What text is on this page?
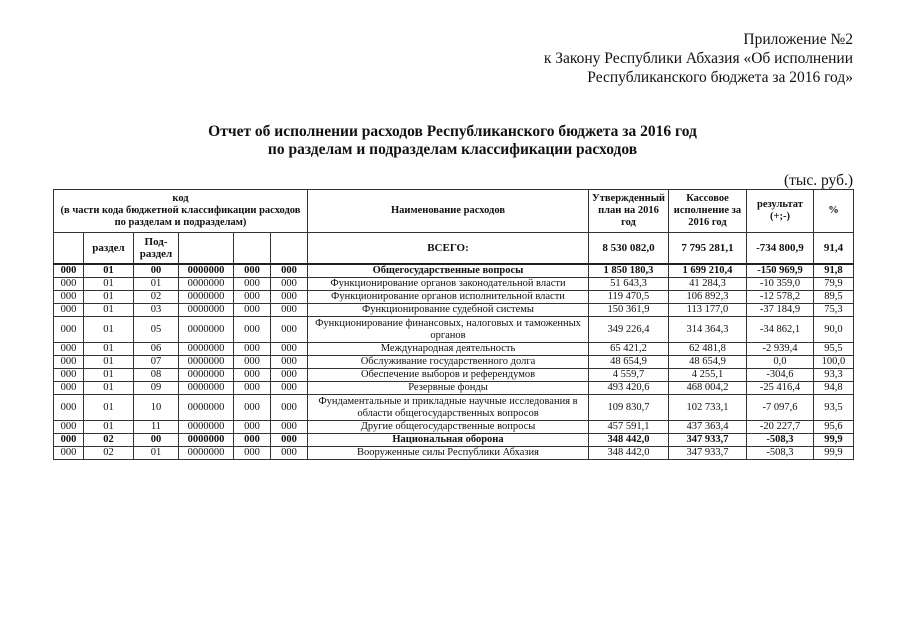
Приложение №2
к Закону Республики Абхазия «Об исполнении
Республиканского бюджета за 2016 год»
Отчет об исполнении расходов Республиканского бюджета за 2016 год
по разделам и подразделам классификации расходов
(тыс. руб.)
код
(в части кода бюджетной классификации расходов
по разделам и подразделам)						Наименование расходов	Утвержденный план на 2016 год	Кассовое исполнение за 2016 год	результат (+;-)	%
	раздел	Под-раздел				ВСЕГО:	8 530 082,0	7 795 281,1	-734 800,9	91,4
000	01	00	0000000	000	000	Общегосударственные вопросы	1 850 180,3	1 699 210,4	-150 969,9	91,8
000	01	01	0000000	000	000	Функционирование органов законодательной власти	51 643,3	41 284,3	-10 359,0	79,9
000	01	02	0000000	000	000	Функционирование органов исполнительной власти	119 470,5	106 892,3	-12 578,2	89,5
000	01	03	0000000	000	000	Функционирование судебной системы	150 361,9	113 177,0	-37 184,9	75,3
000	01	05	0000000	000	000	Функционирование финансовых, налоговых и таможенных органов	349 226,4	314 364,3	-34 862,1	90,0
000	01	06	0000000	000	000	Международная деятельность	65 421,2	62 481,8	-2 939,4	95,5
000	01	07	0000000	000	000	Обслуживание государственного долга	48 654,9	48 654,9	0,0	100,0
000	01	08	0000000	000	000	Обеспечение выборов и референдумов	4 559,7	4 255,1	-304,6	93,3
000	01	09	0000000	000	000	Резервные фонды	493 420,6	468 004,2	-25 416,4	94,8
000	01	10	0000000	000	000	Фундаментальные и прикладные научные исследования в области общегосударственных вопросов	109 830,7	102 733,1	-7 097,6	93,5
000	01	11	0000000	000	000	Другие общегосударственные вопросы	457 591,1	437 363,4	-20 227,7	95,6
000	02	00	0000000	000	000	Национальная оборона	348 442,0	347 933,7	-508,3	99,9
000	02	01	0000000	000	000	Вооруженные силы Республики Абхазия	348 442,0	347 933,7	-508,3	99,9
